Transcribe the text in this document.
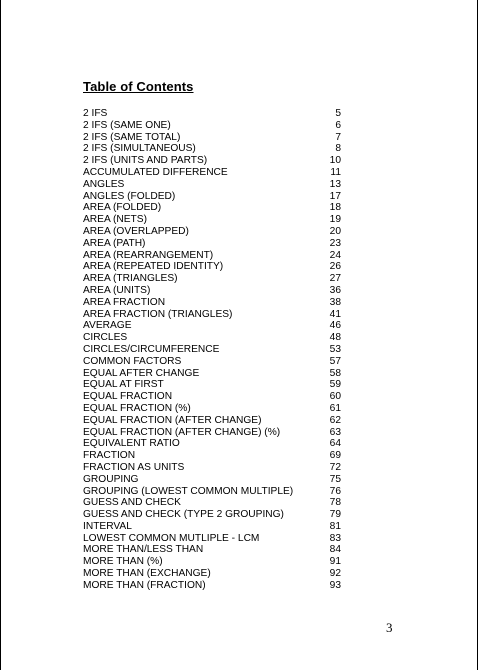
Table of Contents
2 IFS	5
2 IFS (SAME ONE)	6
2 IFS (SAME TOTAL)	7
2 IFS (SIMULTANEOUS)	8
2 IFS (UNITS AND PARTS)	10
ACCUMULATED DIFFERENCE	11
ANGLES	13
ANGLES (FOLDED)	17
AREA (FOLDED)	18
AREA (NETS)	19
AREA (OVERLAPPED)	20
AREA (PATH)	23
AREA (REARRANGEMENT)	24
AREA (REPEATED IDENTITY)	26
AREA (TRIANGLES)	27
AREA (UNITS)	36
AREA FRACTION	38
AREA FRACTION (TRIANGLES)	41
AVERAGE	46
CIRCLES	48
CIRCLES/CIRCUMFERENCE	53
COMMON FACTORS	57
EQUAL AFTER CHANGE	58
EQUAL AT FIRST	59
EQUAL FRACTION	60
EQUAL FRACTION (%)	61
EQUAL FRACTION (AFTER CHANGE)	62
EQUAL FRACTION (AFTER CHANGE) (%)	63
EQUIVALENT RATIO	64
FRACTION	69
FRACTION AS UNITS	72
GROUPING	75
GROUPING (LOWEST COMMON MULTIPLE)	76
GUESS AND CHECK	78
GUESS AND CHECK (TYPE 2 GROUPING)	79
INTERVAL	81
LOWEST COMMON MUTLIPLE - LCM	83
MORE THAN/LESS THAN	84
MORE THAN (%)	91
MORE THAN (EXCHANGE)	92
MORE THAN (FRACTION)	93
3
